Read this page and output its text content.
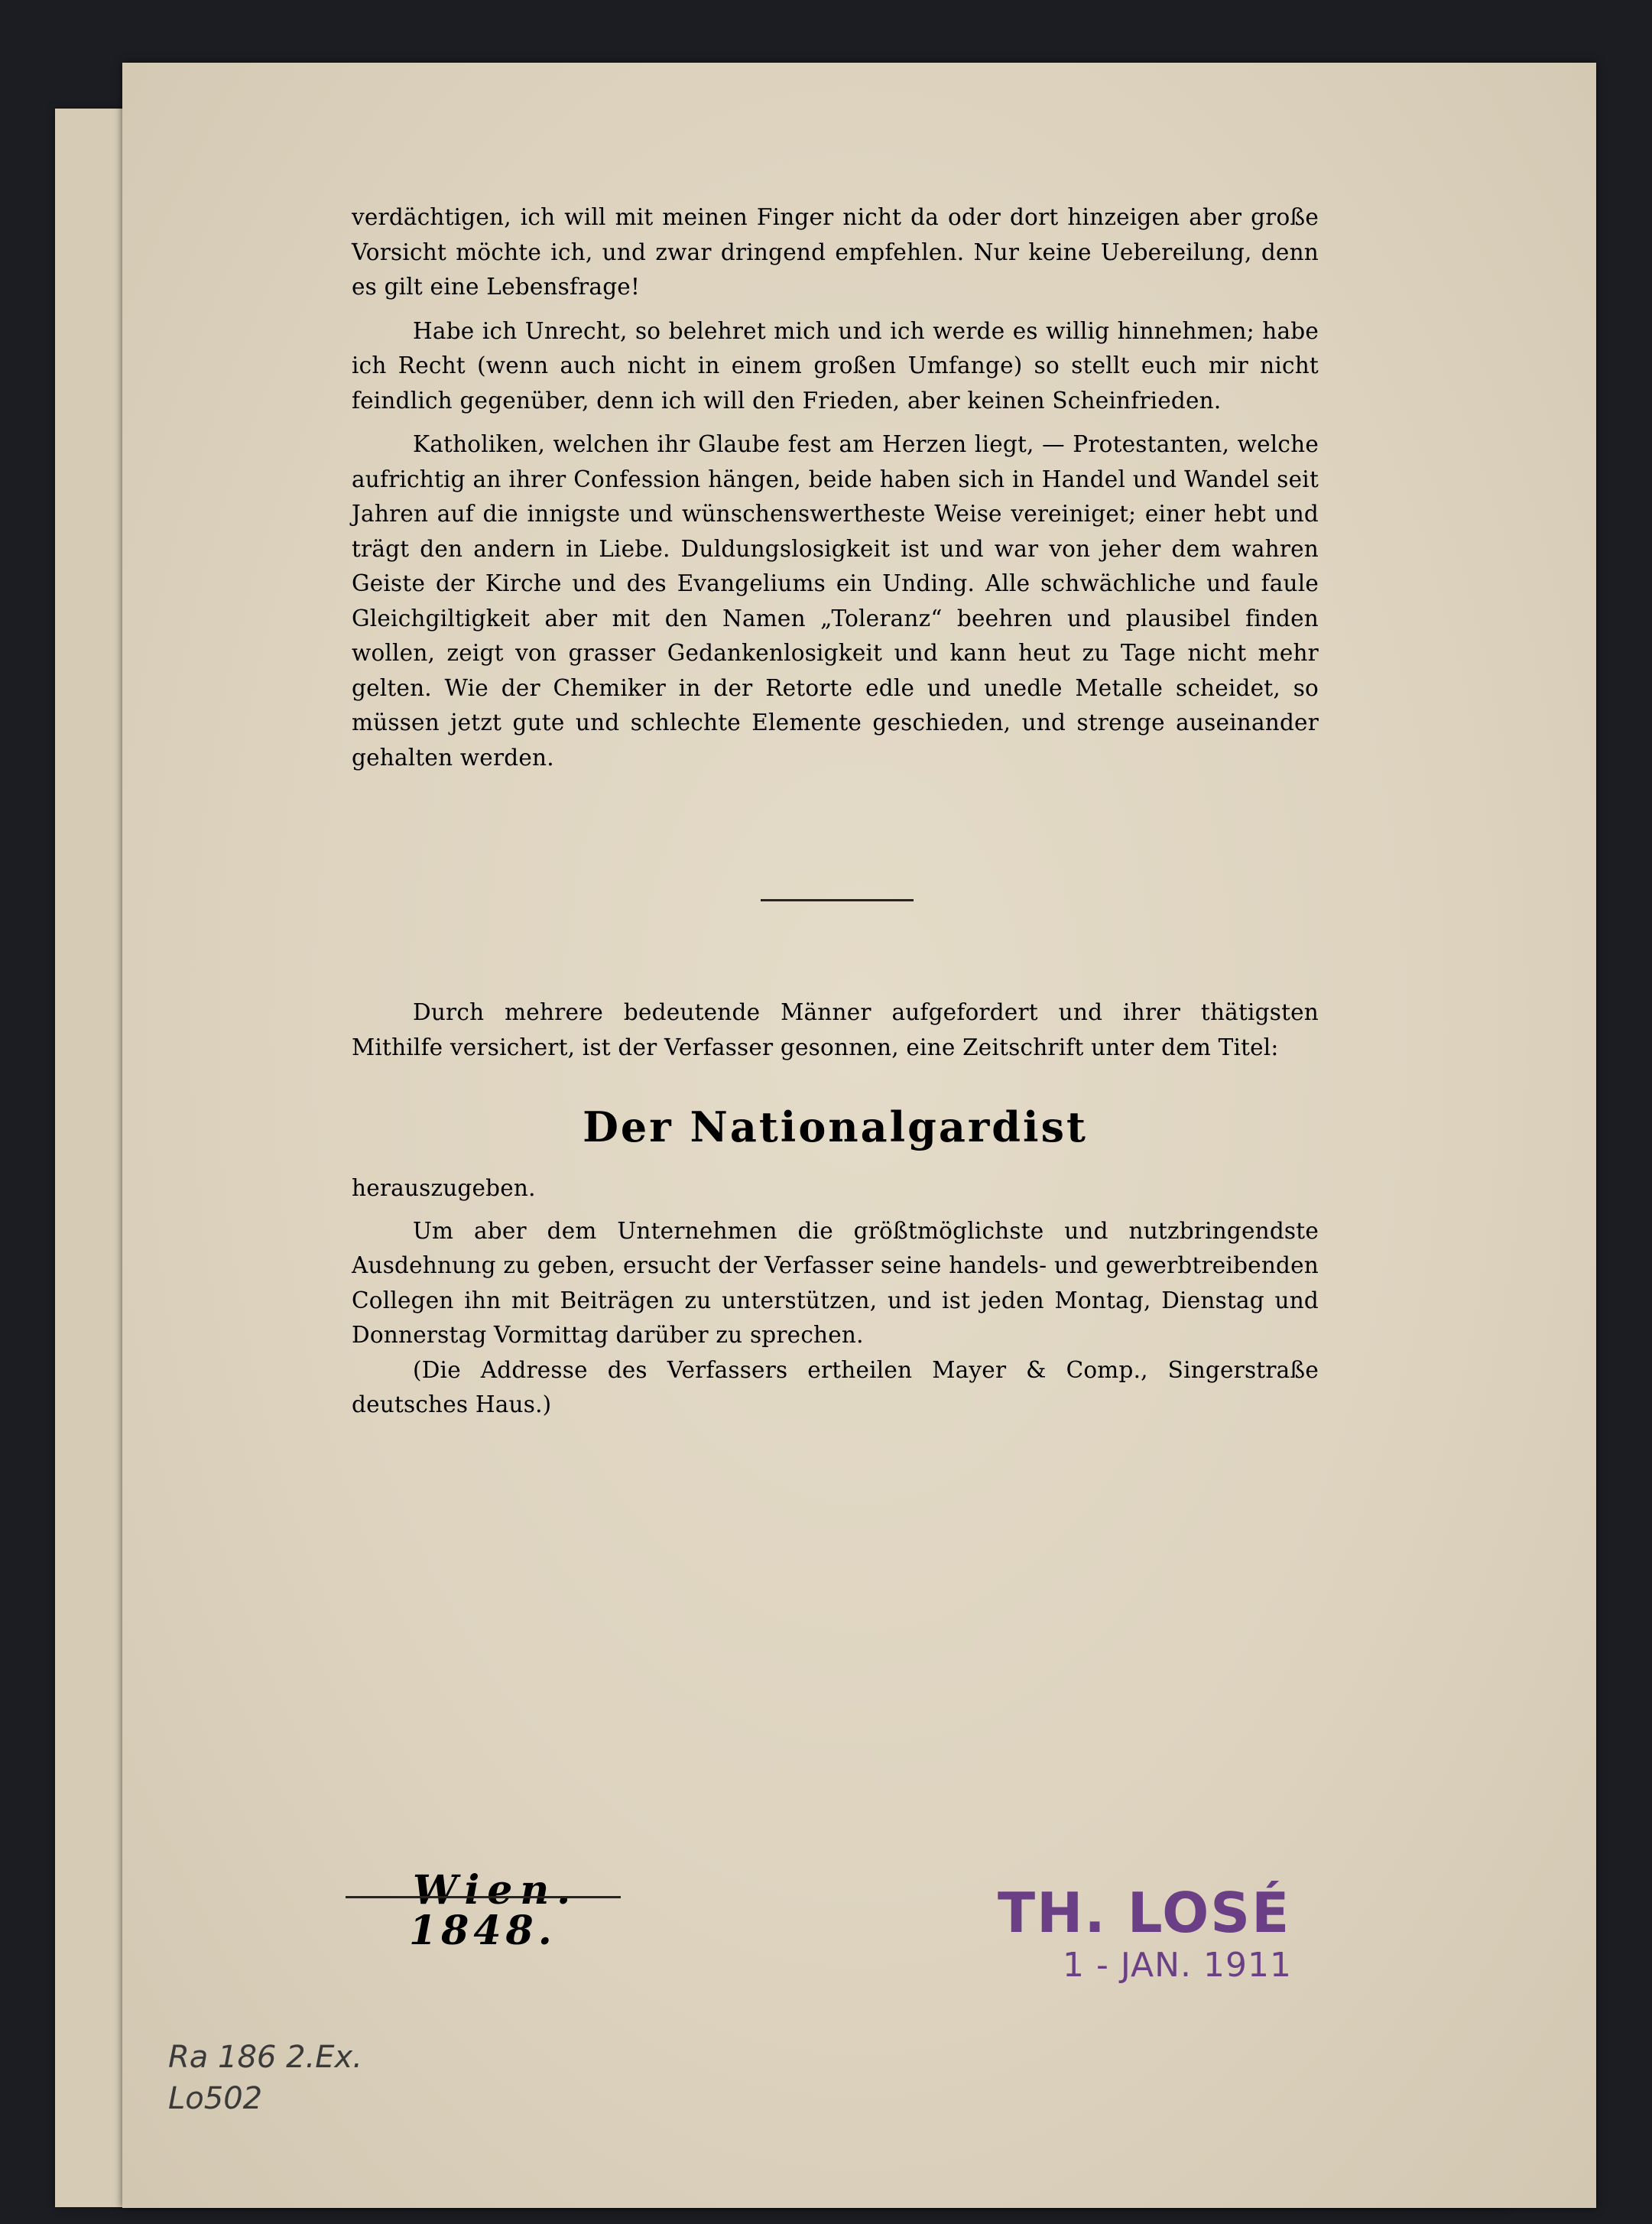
verdächtigen, ich will mit meinen Finger nicht da oder dort hinzeigen aber große Vorsicht möchte ich, und zwar dringend empfehlen. Nur keine Uebereilung, denn es gilt eine Lebensfrage!

Habe ich Unrecht, so belehret mich und ich werde es willig hinnehmen; habe ich Recht (wenn auch nicht in einem großen Umfange) so stellt euch mir nicht feindlich gegenüber, denn ich will den Frieden, aber keinen Scheinfrieden.

Katholiken, welchen ihr Glaube fest am Herzen liegt, — Protestanten, welche aufrichtig an ihrer Confession hängen, beide haben sich in Handel und Wandel seit Jahren auf die innigste und wünschenswertheste Weise vereiniget; einer hebt und trägt den andern in Liebe. Duldungslosigkeit ist und war von jeher dem wahren Geiste der Kirche und des Evangeliums ein Unding. Alle schwächliche und faule Gleichgiltigkeit aber mit den Namen „Toleranz“ beehren und plausibel finden wollen, zeigt von grasser Gedankenlosigkeit und kann heut zu Tage nicht mehr gelten. Wie der Chemiker in der Retorte edle und unedle Metalle scheidet, so müssen jetzt gute und schlechte Elemente geschieden, und strenge auseinander gehalten werden.

Durch mehrere bedeutende Männer aufgefordert und ihrer thätigsten Mithilfe versichert, ist der Verfasser gesonnen, eine Zeitschrift unter dem Titel:

Der Nationalgardist

herauszugeben.

Um aber dem Unternehmen die größtmöglichste und nutzbringendste Ausdehnung zu geben, ersucht der Verfasser seine handels- und gewerbtreibenden Collegen ihn mit Beiträgen zu unterstützen, und ist jeden Montag, Dienstag und Donnerstag Vormittag darüber zu sprechen.

(Die Addresse des Verfassers ertheilen Mayer & Comp., Singerstraße deutsches Haus.)

Wien.
1848.	TH. LOSÉ
1 - JAN. 1911
Ra 186 2.Ex.
Lo502
